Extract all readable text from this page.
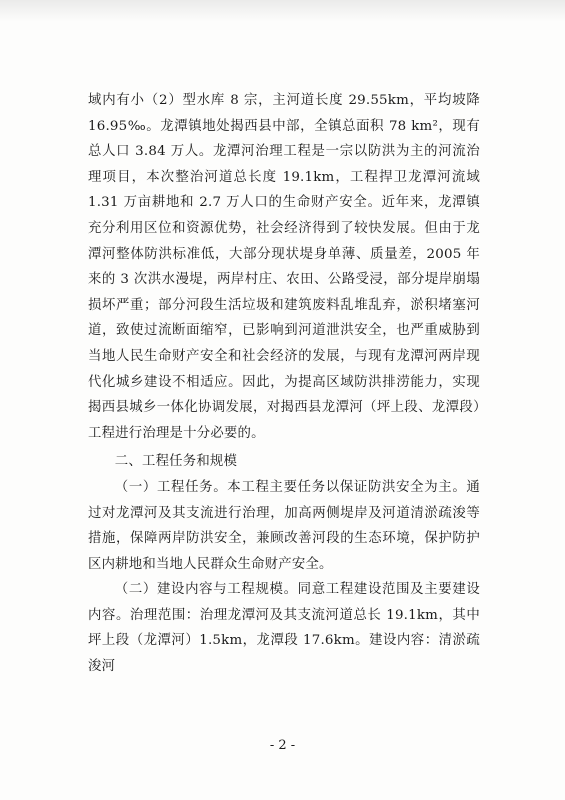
域内有小（2）型水库 8 宗，主河道长度 29.55km，平均坡降 16.95‰。龙潭镇地处揭西县中部，全镇总面积 78 km²，现有总人口 3.84 万人。龙潭河治理工程是一宗以防洪为主的河流治理项目，本次整治河道总长度 19.1km，工程捍卫龙潭河流域 1.31 万亩耕地和 2.7 万人口的生命财产安全。近年来，龙潭镇充分利用区位和资源优势，社会经济得到了较快发展。但由于龙潭河整体防洪标准低，大部分现状堤身单薄、质量差，2005 年来的 3 次洪水漫堤，两岸村庄、农田、公路受浸，部分堤岸崩塌损坏严重；部分河段生活垃圾和建筑废料乱堆乱弃，淤积堵塞河道，致使过流断面缩窄，已影响到河道泄洪安全，也严重威胁到当地人民生命财产安全和社会经济的发展，与现有龙潭河两岸现代化城乡建设不相适应。因此，为提高区域防洪排涝能力，实现揭西县城乡一体化协调发展，对揭西县龙潭河（坪上段、龙潭段）工程进行治理是十分必要的。

二、工程任务和规模

（一）工程任务。本工程主要任务以保证防洪安全为主。通过对龙潭河及其支流进行治理，加高两侧堤岸及河道清淤疏浚等措施，保障两岸防洪安全，兼顾改善河段的生态环境，保护防护区内耕地和当地人民群众生命财产安全。

（二）建设内容与工程规模。同意工程建设范围及主要建设内容。治理范围：治理龙潭河及其支流河道总长 19.1km，其中坪上段（龙潭河）1.5km，龙潭段 17.6km。建设内容：清淤疏浚河

- 2 -
